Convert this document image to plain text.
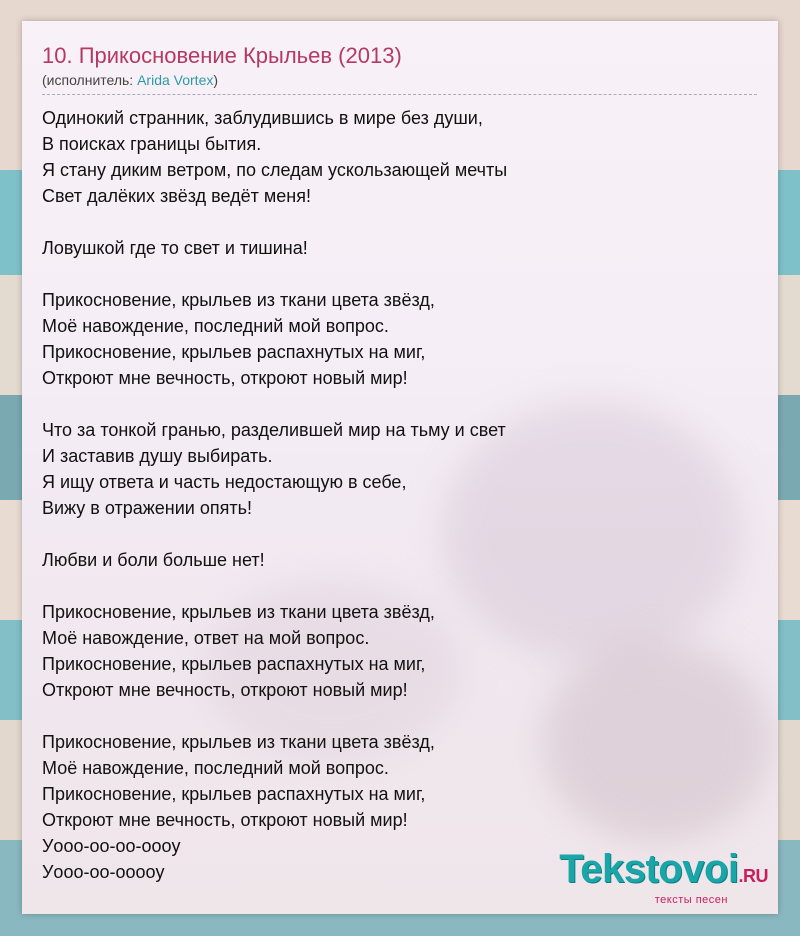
10. Прикосновение Крыльев (2013)
(исполнитель: Arida Vortex)
Одинокий странник, заблудившись в мире без души,
В поисках границы бытия.
Я стану диким ветром, по следам ускользающей мечты
Свет далёких звёзд ведёт меня!
Ловушкой где то свет и тишина!
Прикосновение, крыльев из ткани цвета звёзд,
Моё навождение, последний мой вопрос.
Прикосновение, крыльев распахнутых на миг,
Откроют мне вечность, откроют новый мир!
Что за тонкой гранью, разделившей мир на тьму и свет
И заставив душу выбирать.
Я ищу ответа и часть недостающую в себе,
Вижу в отражении опять!
Любви и боли больше нет!
Прикосновение, крыльев из ткани цвета звёзд,
Моё навождение, ответ на мой вопрос.
Прикосновение, крыльев распахнутых на миг,
Откроют мне вечность, откроют новый мир!
Прикосновение, крыльев из ткани цвета звёзд,
Моё навождение, последний мой вопрос.
Прикосновение, крыльев распахнутых на миг,
Откроют мне вечность, откроют новый мир!
Уooo-oo-oo-oooy
Уooo-oo-ooooy	Tekstovoi.RU
тексты песен
